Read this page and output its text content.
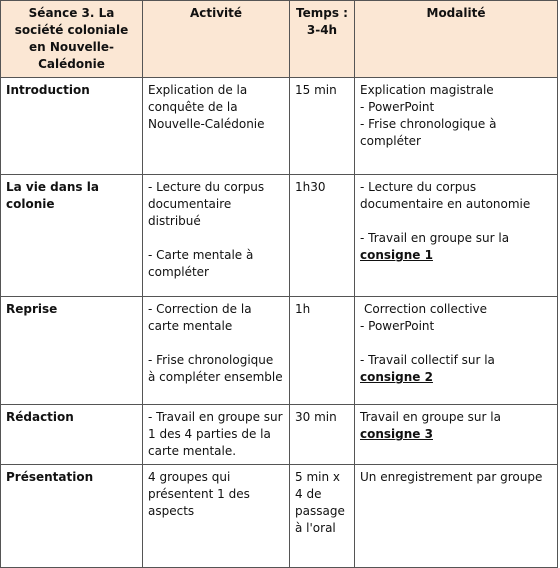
Séance 3. La société coloniale en Nouvelle-Calédonie	Activité	Temps : 3-4h	Modalité
Introduction	Explication de la conquête de la Nouvelle-Calédonie	15 min	Explication magistrale
- PowerPoint
- Frise chronologique à compléter

La vie dans la colonie	- Lecture du corpus documentaire distribué
- Carte mentale à compléter	1h30	- Lecture du corpus documentaire en autonomie
- Travail en groupe sur la
consigne 1

Reprise	- Correction de la carte mentale
- Frise chronologique à compléter ensemble	1h	Correction collective
- PowerPoint
- Travail collectif sur la
consigne 2

Rédaction	- Travail en groupe sur 1 des 4 parties de la carte mentale.	30 min	Travail en groupe sur la
consigne 3

Présentation	4 groupes qui présentent 1 des aspects	5 min x 4 de passage à l'oral	Un enregistrement par groupe
